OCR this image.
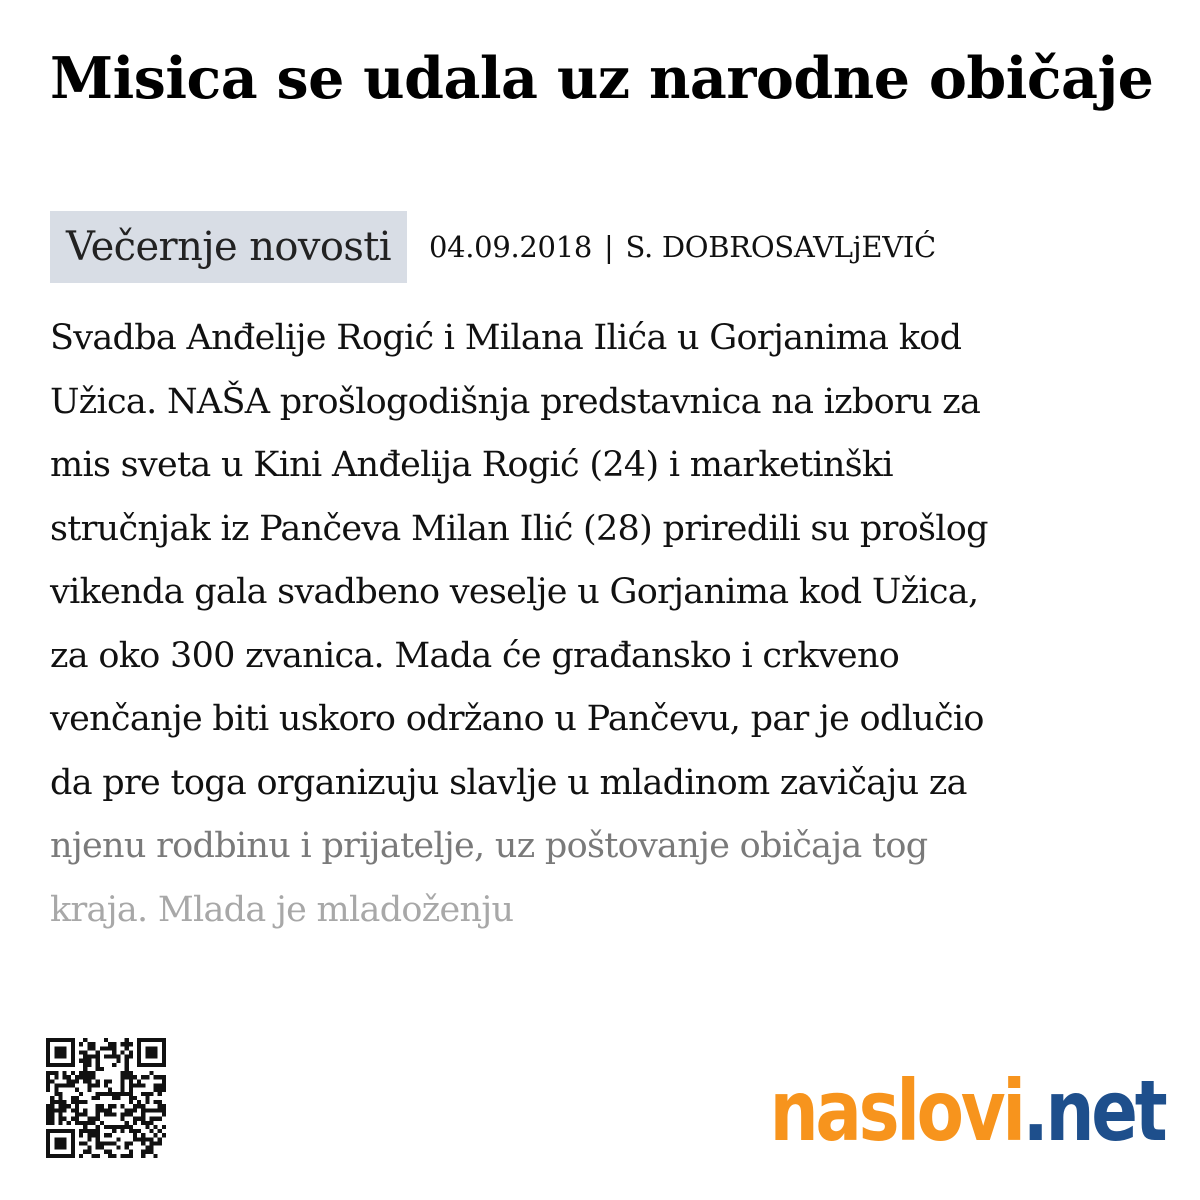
Misica se udala uz narodne običaje
Večernje novosti	04.09.2018 | S. DOBROSAVLjEVIĆ
Svadba Anđelije Rogić i Milana Ilića u Gorjanima kod
Užica. NAŠA prošlogodišnja predstavnica na izboru za
mis sveta u Kini Anđelija Rogić (24) i marketinški
stručnjak iz Pančeva Milan Ilić (28) priredili su prošlog
vikenda gala svadbeno veselje u Gorjanima kod Užica,
za oko 300 zvanica. Mada će građansko i crkveno
venčanje biti uskoro održano u Pančevu, par je odlučio
da pre toga organizuju slavlje u mladinom zavičaju za
njenu rodbinu i prijatelje, uz poštovanje običaja tog
kraja. Mlada je mladoženju
naslovi.net
